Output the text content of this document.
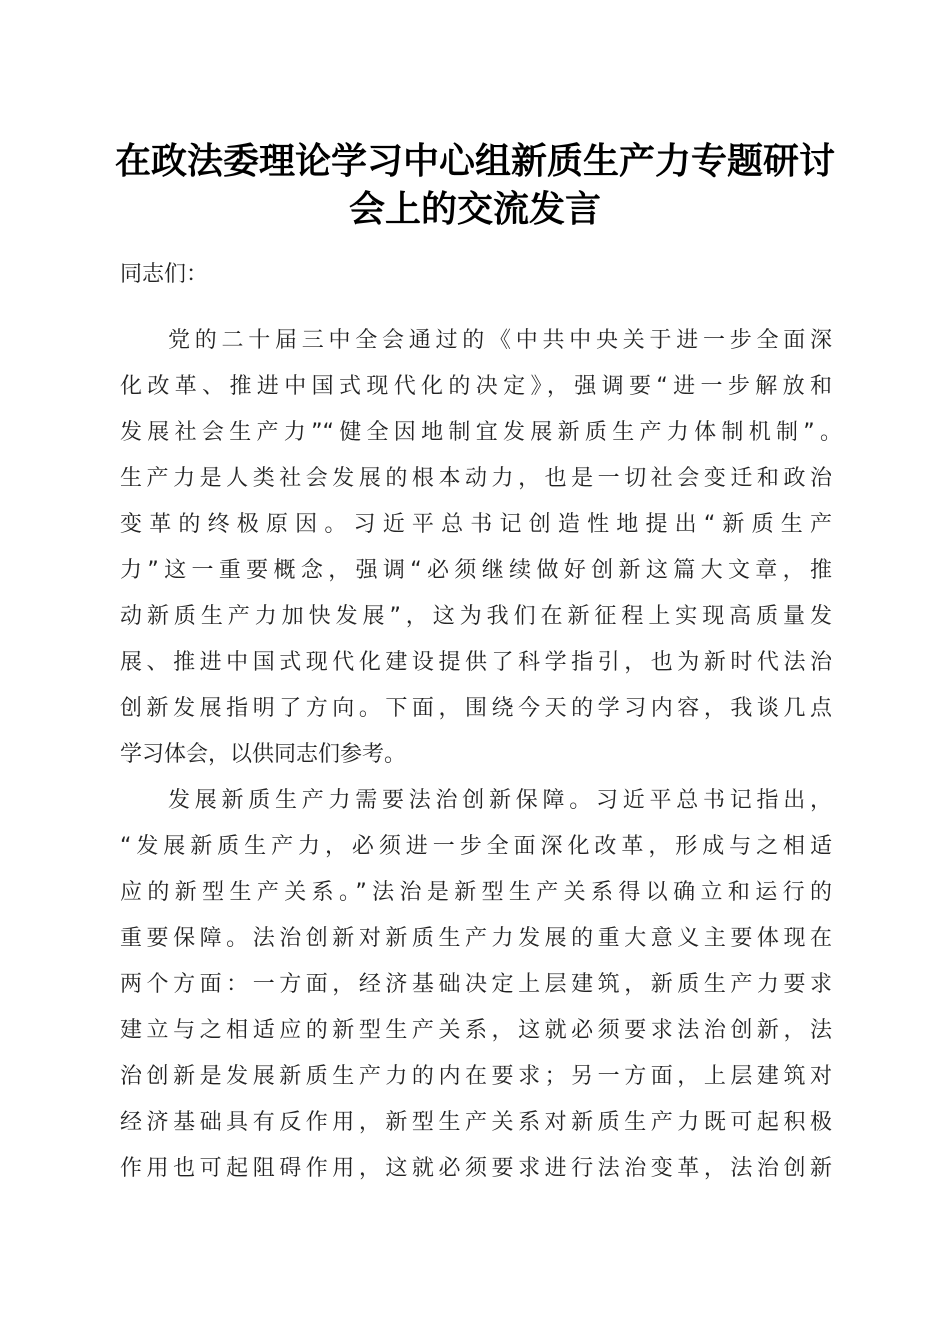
在政法委理论学习中心组新质生产力专题研讨
会上的交流发言
同志们：
党的二十届三中全会通过的《中共中央关于进一步全面深
化改革、推进中国式现代化的决定》，强调要“进一步解放和
发展社会生产力”“健全因地制宜发展新质生产力体制机制”。
生产力是人类社会发展的根本动力，也是一切社会变迁和政治
变革的终极原因。习近平总书记创造性地提出“新质生产
力”这一重要概念，强调“必须继续做好创新这篇大文章，推
动新质生产力加快发展”，这为我们在新征程上实现高质量发
展、推进中国式现代化建设提供了科学指引，也为新时代法治
创新发展指明了方向。下面，围绕今天的学习内容，我谈几点
学习体会，以供同志们参考。
发展新质生产力需要法治创新保障。习近平总书记指出，
“发展新质生产力，必须进一步全面深化改革，形成与之相适
应的新型生产关系。”法治是新型生产关系得以确立和运行的
重要保障。法治创新对新质生产力发展的重大意义主要体现在
两个方面：一方面，经济基础决定上层建筑，新质生产力要求
建立与之相适应的新型生产关系，这就必须要求法治创新，法
治创新是发展新质生产力的内在要求；另一方面，上层建筑对
经济基础具有反作用，新型生产关系对新质生产力既可起积极
作用也可起阻碍作用，这就必须要求进行法治变革，法治创新
